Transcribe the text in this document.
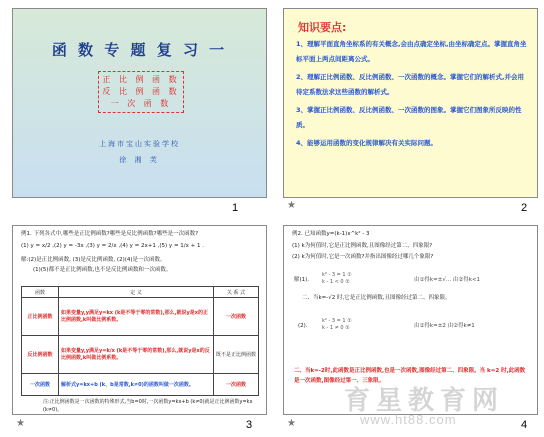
函 数 专 题 复 习 一
正 比 例 函 数
反 比 例 函 数
一 次 函 数
上海市宝山实验学校
徐 湘 芙
1
知识要点:
1、理解平面直角坐标系的有关概念,会由点确定坐标,由坐标确定点。掌握直角坐标平面上两点间距离公式。
2、理解正比例函数、反比例函数、一次函数的概念。掌握它们的解析式,并会用待定系数法求这些函数的解析式。
3、掌握正比例函数、反比例函数、一次函数的图象。掌握它们图象所反映的性质。
4、能够运用函数的变化规律解决有关实际问题。
★	2
例1. 下列各式中,哪些是正比例函数?哪些是反比例函数?哪些是一次函数?
(1) y = x/2 ,(2) y = -3x ,(3) y = 2/x ,(4) y = 2x+1 ,(5) y = 1/x + 1 .
解:(2)是正比例函数, (3)是反比例函数, (2)(4)是一次函数。
(1)(5)都不是正比例函数,也不是反比例函数和一次函数。
函数	定 义	关 系 式
正比例函数	如果变量y,y满足y=kx (k是不等于零的常数),那么,就说y是x的正比例函数,k叫做比例系数。	一次函数
反比例函数	如果变量y,y满足y=k/x (k是不等于零的常数),那么,就说y是x的反比例函数,k叫做比例系数。	既不是正比例函数
一次函数	解析式y=kx+b (k、b是常数,k≠0)的函数叫做一次函数。	一次函数
注:正比例函数是一次函数的特殊形式,当b=0时,一次函数y=kx+b (k≠0)就是正比例函数y=kx (k≠0)。
★	3
例2. 已知函数y=(k-1)x^k² - 3
(1) k为何值时,它是正比例函数,且图像经过第二、四象限?
(2) k为何值时,它是一次函数?并指出图像经过哪几个象限?
解(1).
k² - 3 = 1 ①
k - 1 < 0 ②	由①得k=±√... 由②得k<1
二、当k=-√2 时,它是正比例函数,且图像经过第二、四象限。
(2).
k² - 3 = 1 ①
k - 1 ≠ 0 ②	由①得k=±2 由②得k≠1
二、当k=-2时,此函数是正比例函数,也是一次函数,图像经过第二、四象限。当 k=2 时,此函数是一次函数,图像经过第一、三象限。
★	4
育星教育网
www.ht88.com
